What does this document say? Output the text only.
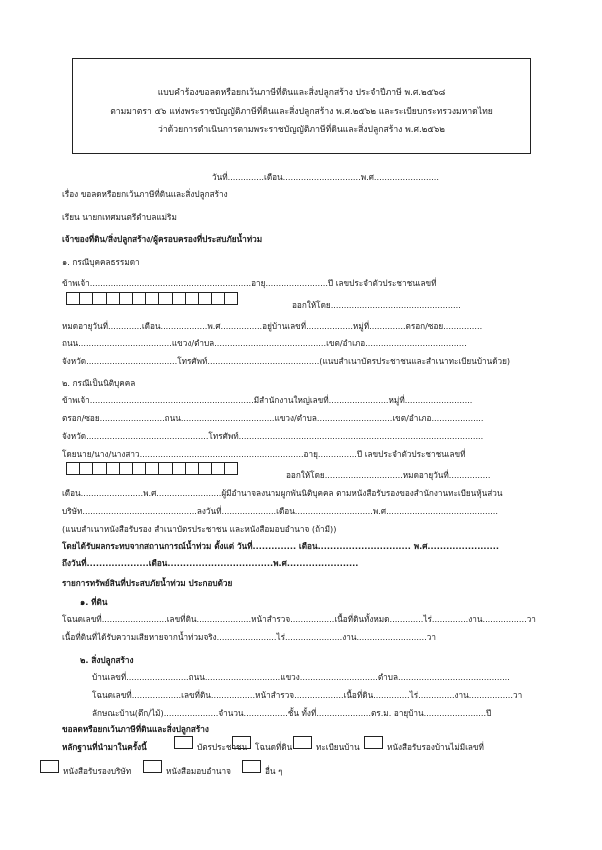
แบบคำร้องขอลดหรือยกเว้นภาษีที่ดินและสิ่งปลูกสร้าง ประจำปีภาษี พ.ศ.๒๕๖๘
ตามมาตรา ๕๖ แห่งพระราชบัญญัติภาษีที่ดินและสิ่งปลูกสร้าง พ.ศ.๒๕๖๒ และระเบียบกระทรวงมหาดไทย
ว่าด้วยการดำเนินการตามพระราชบัญญัติภาษีที่ดินและสิ่งปลูกสร้าง พ.ศ.๒๕๖๒
วันที่..............เดือน..............................พ.ศ.........................
เรื่อง ขอลดหรือยกเว้นภาษีที่ดินและสิ่งปลูกสร้าง
เรียน นายกเทศมนตรีตำบลแม่ริม
เจ้าของที่ดิน/สิ่งปลูกสร้าง/ผู้ครอบครองที่ประสบภัยน้ำท่วม
๑. กรณีบุคคลธรรมดา
ข้าพเจ้า..............................................................อายุ........................ปี เลขประจำตัวประชาชนเลขที่
ออกให้โดย..................................................
หมดอายุวันที่.............เดือน..................พ.ศ................อยู่บ้านเลขที่..................หมู่ที่..............ตรอก/ซอย...............
ถนน....................................แขวง/ตำบล...........................................เขต/อำเภอ.......................................
จังหวัด...................................โทรศัพท์...........................................(แนบสำเนาบัตรประชาชนและสำเนาทะเบียนบ้านด้วย)
๒. กรณีเป็นนิติบุคคล
ข้าพเจ้า...............................................................มีสำนักงานใหญ่เลขที่.......................หมู่ที่..........................
ตรอก/ซอย.........................ถนน....................................แขวง/ตำบล.............................เขต/อำเภอ....................
จังหวัด...............................................โทรศัพท์..............................................................................................
โดยนาย/นาง/นางสาว...............................................................อายุ...............ปี เลขประจำตัวประชาชนเลขที่
ออกให้โดย..............................หมดอายุวันที่................
เดือน........................พ.ศ.........................ผู้มีอำนาจลงนามผูกพันนิติบุคคล ตามหนังสือรับรองของสำนักงานทะเบียนหุ้นส่วน
บริษัท............................................ลงวันที่.....................เดือน..............................พ.ศ...........................................
(แนบสำเนาหนังสือรับรอง สำเนาบัตรประชาชน และหนังสือมอบอำนาจ (ถ้ามี))
โดยได้รับผลกระทบจากสถานการณ์น้ำท่วม ตั้งแต่ วันที่.............. เดือน.............................. พ.ศ.......................
ถึงวันที่....................เดือน..................................พ.ศ.......................
รายการทรัพย์สินที่ประสบภัยน้ำท่วม ประกอบด้วย
๑. ที่ดิน
โฉนดเลขที่.........................เลขที่ดิน.....................หน้าสำรวจ.................เนื้อที่ดินทั้งหมด.............ไร่..............งาน.................วา
เนื้อที่ดินที่ได้รับความเสียหายจากน้ำท่วมจริง.......................ไร่......................งาน...........................วา
๒. สิ่งปลูกสร้าง
บ้านเลขที่........................ถนน.............................แขวง..............................ตำบล...........................................
โฉนดเลขที่...................เลขที่ดิน.................หน้าสำรวจ...................เนื้อที่ดิน..............ไร่..............งาน.................วา
ลักษณะบ้าน(ตึก/ไม้).....................จำนวน.................ชั้น ทั้งที่.....................ตร.ม. อายุบ้าน........................ปี
ขอลดหรือยกเว้นภาษีที่ดินและสิ่งปลูกสร้าง
หลักฐานที่นำมาในครั้งนี้	บัตรประชาชน โฉนดที่ดิน	ทะเบียนบ้าน	หนังสือรับรองบ้านไม่มีเลขที่
หนังสือรับรองบริษัท	หนังสือมอบอำนาจ	อื่น ๆ
